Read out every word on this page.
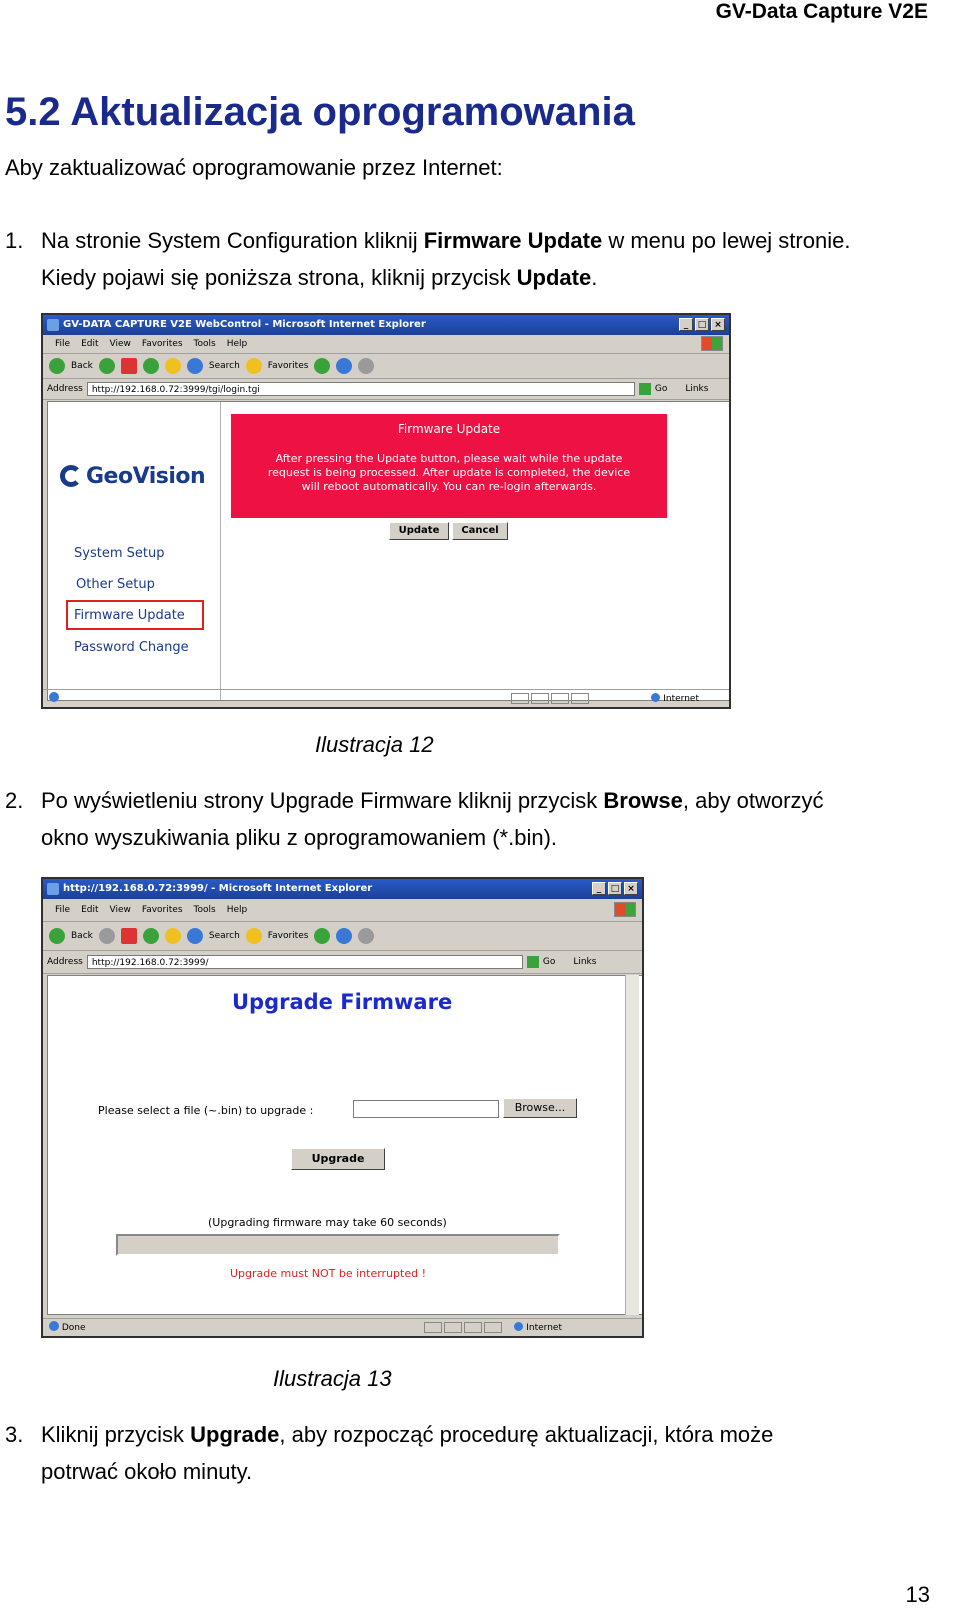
GV-Data Capture V2E
5.2 Aktualizacja oprogramowania
Aby zaktualizować oprogramowanie przez Internet:
1. Na stronie System Configuration kliknij Firmware Update w menu po lewej stronie.
Kiedy pojawi się poniższa strona, kliknij przycisk Update.
GV-DATA CAPTURE V2E WebControl - Microsoft Internet Explorer	_	□ ×
File Edit View Favorites Tools Help
Back	Search	Favorites
Address	http://192.168.0.72:3999/tgi/login.tgi	Go Links
GeoVision
System Setup
Other Setup
Firmware Update
Password Change
Firmware Update
After pressing the Update button, please wait while the update
request is being processed. After update is completed, the device
will reboot automatically. You can re-login afterwards.
Update	Cancel
Internet
Ilustracja 12
2. Po wyświetleniu strony Upgrade Firmware kliknij przycisk Browse, aby otworzyć
okno wyszukiwania pliku z oprogramowaniem (*.bin).
http://192.168.0.72:3999/ - Microsoft Internet Explorer	_	□ ×
File Edit View Favorites Tools Help
Back	Search	Favorites
Address	http://192.168.0.72:3999/	Go Links
Upgrade Firmware
Please select a file (~.bin) to upgrade :	Browse...
Upgrade
(Upgrading firmware may take 60 seconds)
Upgrade must NOT be interrupted !
Done	Internet
Ilustracja 13
3. Kliknij przycisk Upgrade, aby rozpocząć procedurę aktualizacji, która może
potrwać około minuty.
13
